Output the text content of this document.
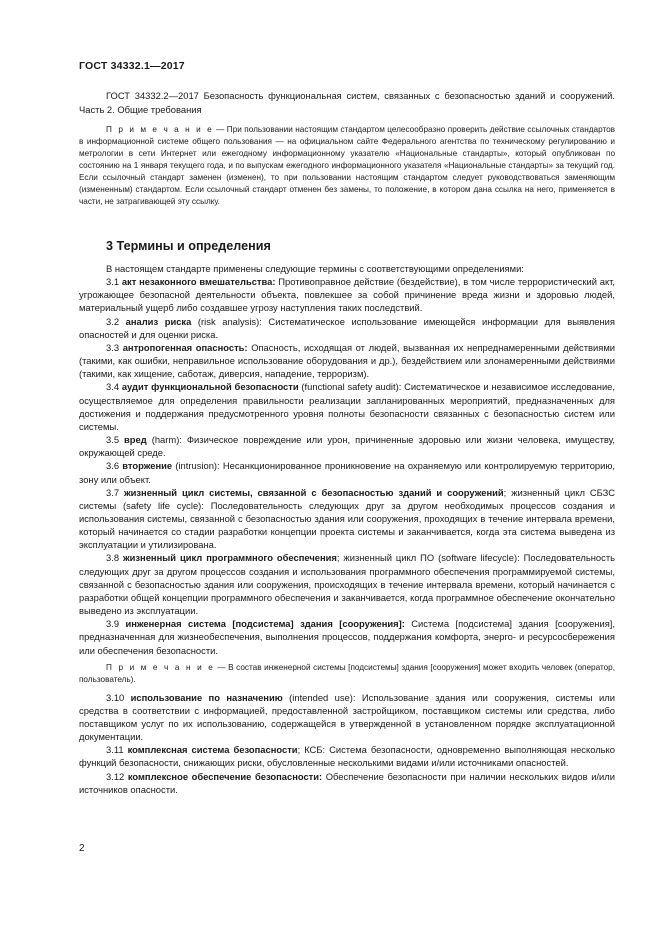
ГОСТ 34332.1—2017

ГОСТ 34332.2—2017 Безопасность функциональная систем, связанных с безопасностью зданий и сооружений. Часть 2. Общие требования

П р и м е ч а н и е — При пользовании настоящим стандартом целесообразно проверить действие ссылочных стандартов в информационной системе общего пользования — на официальном сайте Федерального агентства по техническому регулированию и метрологии в сети Интернет или ежегодному информационному указателю «Национальные стандарты», который опубликован по состоянию на 1 января текущего года, и по выпускам ежегодного информационного указателя «Национальные стандарты» за текущий год. Если ссылочный стандарт заменен (изменен), то при пользовании настоящим стандартом следует руководствоваться заменяющим (измененным) стандартом. Если ссылочный стандарт отменен без замены, то положение, в котором дана ссылка на него, применяется в части, не затрагивающей эту ссылку.

3 Термины и определения

В настоящем стандарте применены следующие термины с соответствующими определениями:

3.1 акт незаконного вмешательства: Противоправное действие (бездействие), в том числе террористический акт, угрожающее безопасной деятельности объекта, повлекшее за собой причинение вреда жизни и здоровью людей, материальный ущерб либо создавшее угрозу наступления таких последствий.

3.2 анализ риска (risk analysis): Систематическое использование имеющейся информации для выявления опасностей и для оценки риска.

3.3 антропогенная опасность: Опасность, исходящая от людей, вызванная их непреднамеренными действиями (такими, как ошибки, неправильное использование оборудования и др.), бездействием или злонамеренными действиями (такими, как хищение, саботаж, диверсия, нападение, терроризм).

3.4 аудит функциональной безопасности (functional safety audit): Систематическое и независимое исследование, осуществляемое для определения правильности реализации запланированных мероприятий, предназначенных для достижения и поддержания предусмотренного уровня полноты безопасности связанных с безопасностью систем или системы.

3.5 вред (harm): Физическое повреждение или урон, причиненные здоровью или жизни человека, имуществу, окружающей среде.

3.6 вторжение (intrusion): Несанкционированное проникновение на охраняемую или контролируемую территорию, зону или объект.

3.7 жизненный цикл системы, связанной с безопасностью зданий и сооружений; жизненный цикл СБЗС системы (safety life cycle): Последовательность следующих друг за другом необходимых процессов создания и использования системы, связанной с безопасностью здания или сооружения, проходящих в течение интервала времени, который начинается со стадии разработки концепции проекта системы и заканчивается, когда эта система выведена из эксплуатации и утилизирована.

3.8 жизненный цикл программного обеспечения; жизненный цикл ПО (software lifecycle): Последовательность следующих друг за другом процессов создания и использования программного обеспечения программируемой системы, связанной с безопасностью здания или сооружения, происходящих в течение интервала времени, который начинается с разработки общей концепции программного обеспечения и заканчивается, когда программное обеспечение окончательно выведено из эксплуатации.

3.9 инженерная система [подсистема] здания [сооружения]: Система [подсистема] здания [сооружения], предназначенная для жизнеобеспечения, выполнения процессов, поддержания комфорта, энерго- и ресурсосбережения или обеспечения безопасности.

П р и м е ч а н и е — В состав инженерной системы [подсистемы] здания [сооружения] может входить человек (оператор, пользователь).

3.10 использование по назначению (intended use): Использование здания или сооружения, системы или средства в соответствии с информацией, предоставленной застройщиком, поставщиком системы или средства, либо поставщиком услуг по их использованию, содержащейся в утвержденной в установленном порядке эксплуатационной документации.

3.11 комплексная система безопасности; КСБ: Система безопасности, одновременно выполняющая несколько функций безопасности, снижающих риски, обусловленные несколькими видами и/или источниками опасностей.

3.12 комплексное обеспечение безопасности: Обеспечение безопасности при наличии нескольких видов и/или источников опасности.

2
